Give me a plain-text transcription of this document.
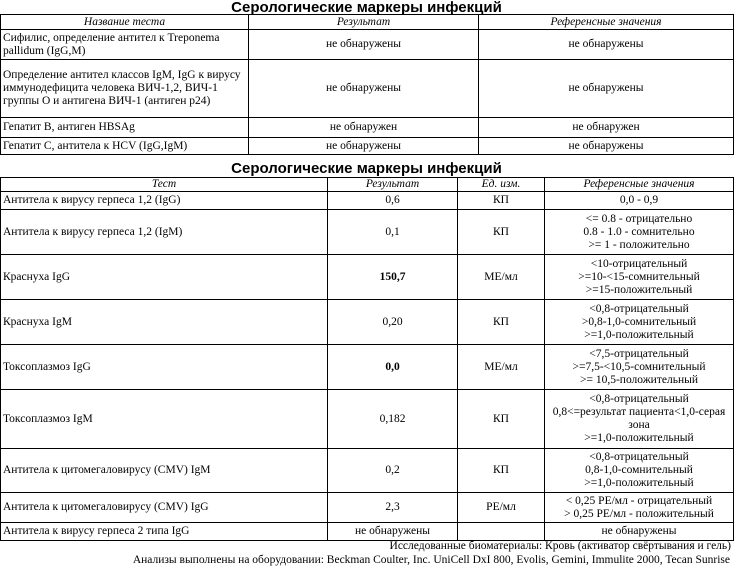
Серологические маркеры инфекций
Название теста	Результат	Референсные значения
Сифилис, определение антител к Treponema pallidum (IgG,M)	не обнаружены	не обнаружены
Определение антител классов IgM, IgG к вирусу иммунодефицита человека ВИЧ-1,2, ВИЧ-1 группы О и антигена ВИЧ-1 (антиген p24)	не обнаружены	не обнаружены
Гепатит В, антиген HBSAg	не обнаружен	не обнаружен
Гепатит С, антитела к HCV (IgG,IgM)	не обнаружены	не обнаружены
Серологические маркеры инфекций
Тест	Результат	Ед. изм.	Референсные значения
Антитела к вирусу герпеса 1,2 (IgG)	0,6	КП	0,0 - 0,9
Антитела к вирусу герпеса 1,2 (IgM)	0,1	КП	<= 0.8 - отрицательно
0.8 - 1.0 - сомнительно
>= 1 - положительно
Краснуха IgG	150,7	МЕ/мл	<10-отрицательный
>=10-<15-сомнительный
>=15-положительный
Краснуха IgM	0,20	КП	<0,8-отрицательный
>0,8-1,0-сомнительный
>=1,0-положительный
Токсоплазмоз IgG	0,0	МЕ/мл	<7,5-отрицательный
>=7,5-<10,5-сомнительный
>= 10,5-положительный
Токсоплазмоз IgM	0,182	КП	<0,8-отрицательный
0,8<=результат пациента<1,0-серая зона
>=1,0-положительный
Антитела к цитомегаловирусу (CMV) IgM	0,2	КП	<0,8-отрицательный
0,8-1,0-сомнительный
>=1,0-положительный
Антитела к цитомегаловирусу (CMV) IgG	2,3	РЕ/мл	< 0,25 РЕ/мл - отрицательный
> 0,25 РЕ/мл - положительный
Антитела к вирусу герпеса 2 типа IgG	не обнаружены		не обнаружены
Исследованные биоматериалы: Кровь (активатор свёртывания и гель)
Анализы выполнены на оборудовании: Beckman Coulter, Inc. UniCell DxI 800, Evolis, Gemini, Immulite 2000, Tecan Sunrise
